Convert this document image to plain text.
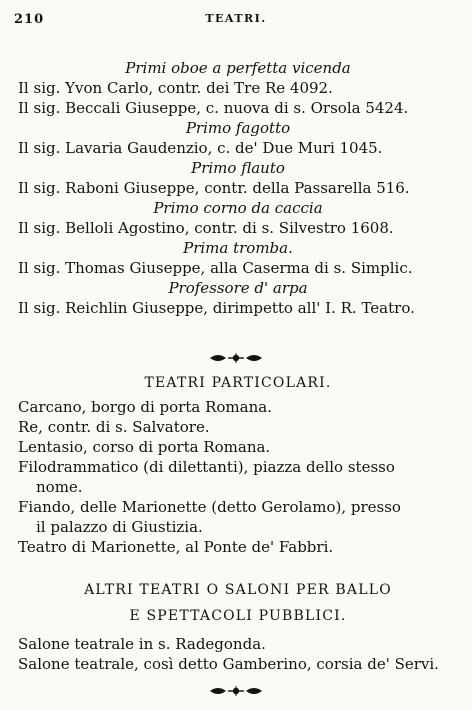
210	TEATRI.
Primi oboe a perfetta vicenda
Il sig. Yvon Carlo, contr. dei Tre Re 4092.
Il sig. Beccali Giuseppe, c. nuova di s. Orsola 5424.
Primo fagotto
Il sig. Lavaria Gaudenzio, c. de' Due Muri 1045.
Primo flauto
Il sig. Raboni Giuseppe, contr. della Passarella 516.
Primo corno da caccia
Il sig. Belloli Agostino, contr. di s. Silvestro 1608.
Prima tromba.
Il sig. Thomas Giuseppe, alla Caserma di s. Simplic.
Professore d' arpa
Il sig. Reichlin Giuseppe, dirimpetto all' I. R. Teatro.
TEATRI PARTICOLARI.
Carcano, borgo di porta Romana.
Re, contr. di s. Salvatore.
Lentasio, corso di porta Romana.
Filodrammatico (di dilettanti), piazza dello stesso
nome.
Fiando, delle Marionette (detto Gerolamo), presso
il palazzo di Giustizia.
Teatro di Marionette, al Ponte de' Fabbri.
ALTRI TEATRI O SALONI PER BALLO
E SPETTACOLI PUBBLICI.
Salone teatrale in s. Radegonda.
Salone teatrale, così detto Gamberino, corsia de' Servi.
